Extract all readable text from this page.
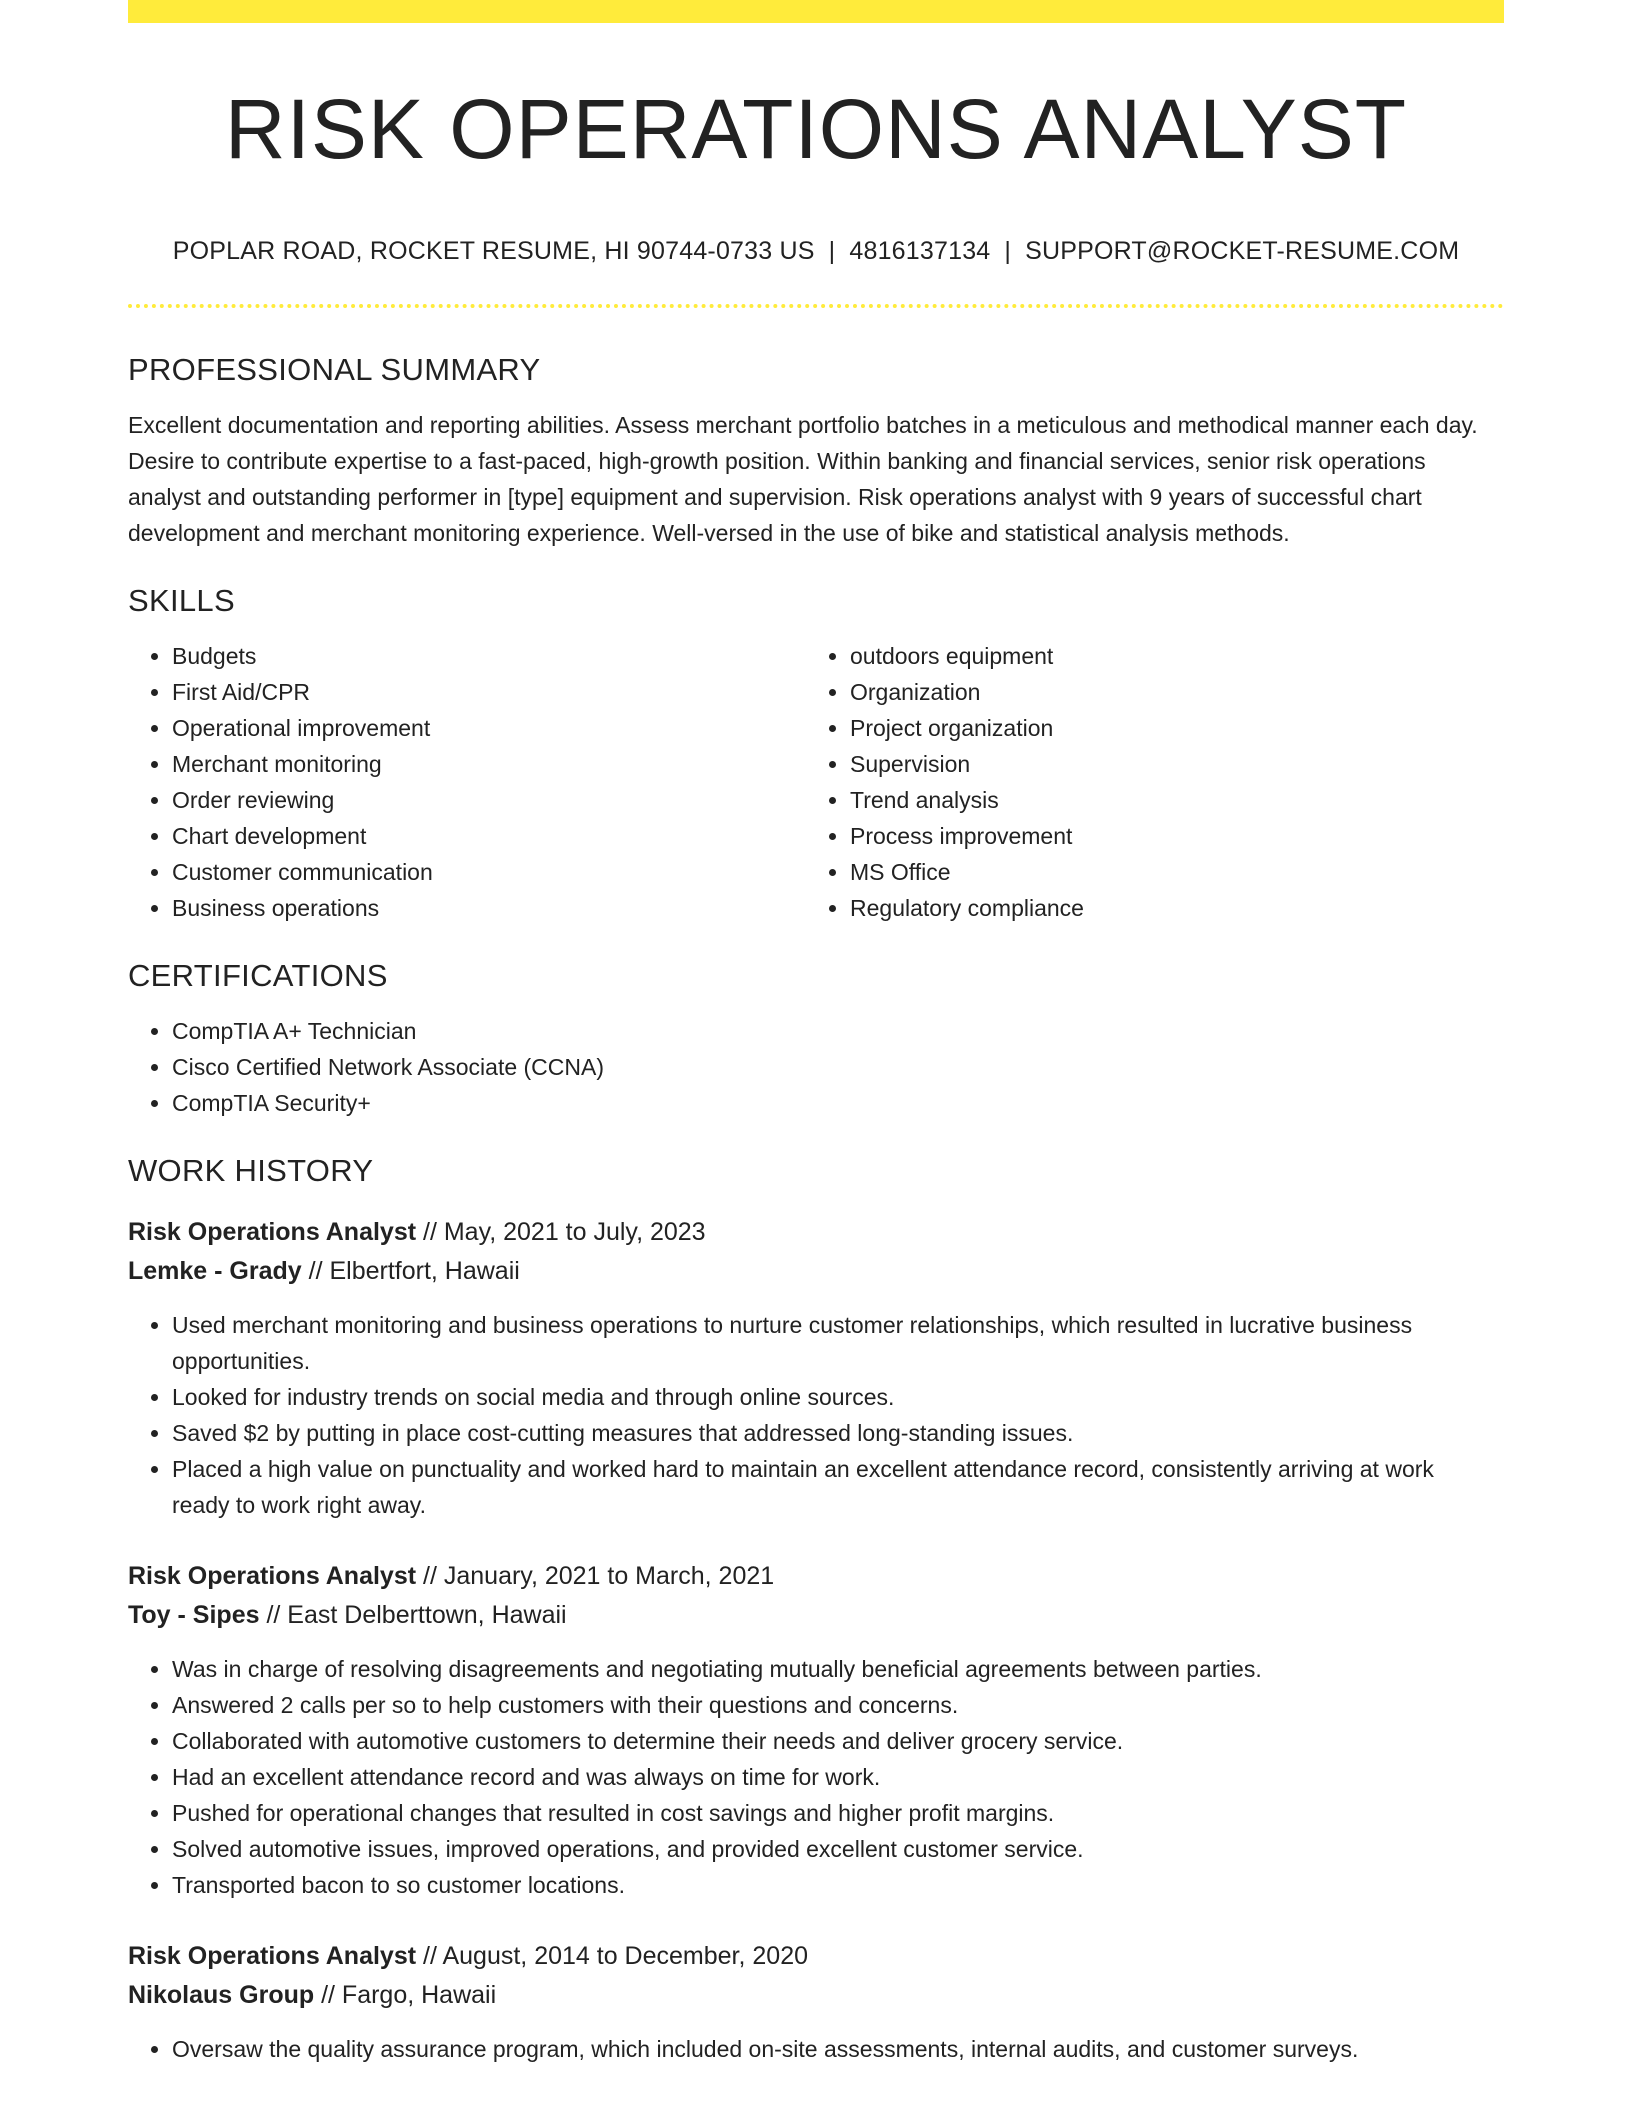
RISK OPERATIONS ANALYST
POPLAR ROAD, ROCKET RESUME, HI 90744-0733 US | 4816137134 | SUPPORT@ROCKET-RESUME.COM
PROFESSIONAL SUMMARY

Excellent documentation and reporting abilities. Assess merchant portfolio batches in a meticulous and methodical manner each day. Desire to contribute expertise to a fast-paced, high-growth position. Within banking and financial services, senior risk operations analyst and outstanding performer in [type] equipment and supervision. Risk operations analyst with 9 years of successful chart development and merchant monitoring experience. Well-versed in the use of bike and statistical analysis methods.

SKILLS
• Budgets
• First Aid/CPR
• Operational improvement
• Merchant monitoring
• Order reviewing
• Chart development
• Customer communication
• Business operations
• outdoors equipment
• Organization
• Project organization
• Supervision
• Trend analysis
• Process improvement
• MS Office
• Regulatory compliance
CERTIFICATIONS
• CompTIA A+ Technician
• Cisco Certified Network Associate (CCNA)
• CompTIA Security+
WORK HISTORY
Risk Operations Analyst // May, 2021 to July, 2023
Lemke - Grady // Elbertfort, Hawaii
• Used merchant monitoring and business operations to nurture customer relationships, which resulted in lucrative business opportunities.
• Looked for industry trends on social media and through online sources.
• Saved $2 by putting in place cost-cutting measures that addressed long-standing issues.
• Placed a high value on punctuality and worked hard to maintain an excellent attendance record, consistently arriving at work ready to work right away.
Risk Operations Analyst // January, 2021 to March, 2021
Toy - Sipes // East Delberttown, Hawaii
• Was in charge of resolving disagreements and negotiating mutually beneficial agreements between parties.
• Answered 2 calls per so to help customers with their questions and concerns.
• Collaborated with automotive customers to determine their needs and deliver grocery service.
• Had an excellent attendance record and was always on time for work.
• Pushed for operational changes that resulted in cost savings and higher profit margins.
• Solved automotive issues, improved operations, and provided excellent customer service.
• Transported bacon to so customer locations.
Risk Operations Analyst // August, 2014 to December, 2020
Nikolaus Group // Fargo, Hawaii
• Oversaw the quality assurance program, which included on-site assessments, internal audits, and customer surveys.
